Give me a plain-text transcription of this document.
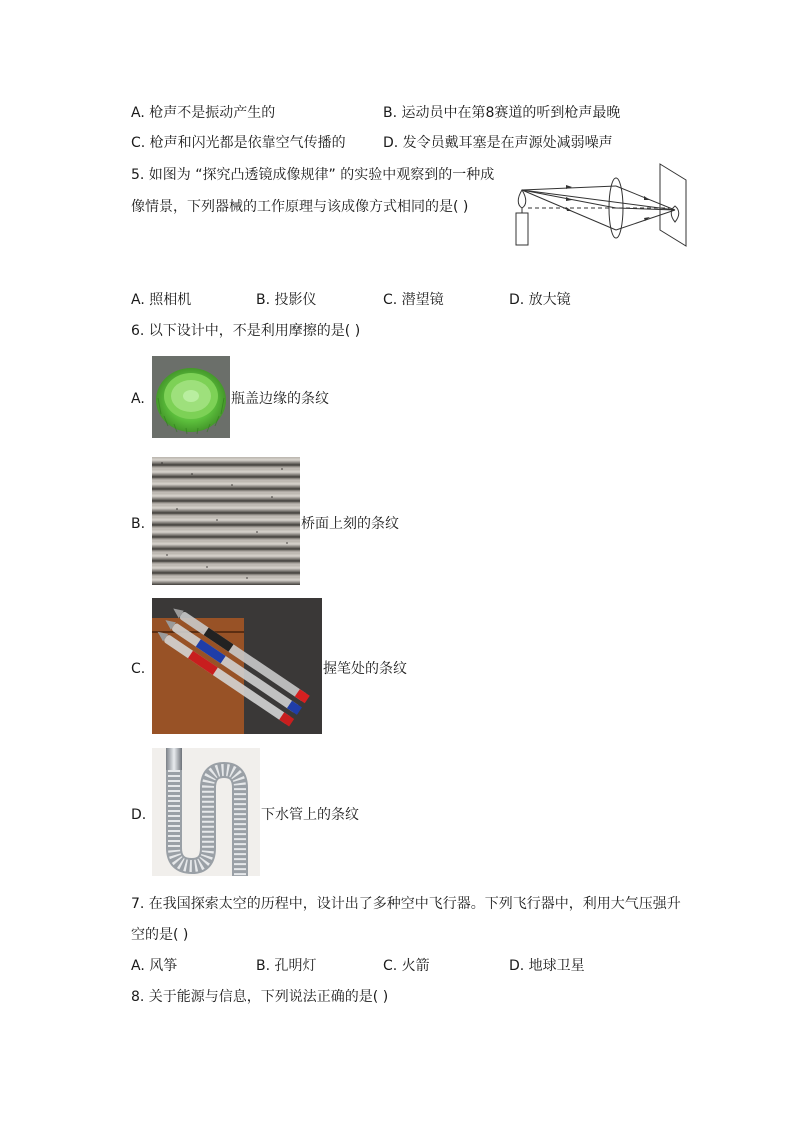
A. 枪声不是振动产生的	B. 运动员中在第8赛道的听到枪声最晚
C. 枪声和闪光都是依靠空气传播的	D. 发令员戴耳塞是在声源处减弱噪声
5. 如图为 “探究凸透镜成像规律” 的实验中观察到的一种成
像情景，下列器械的工作原理与该成像方式相同的是( )
A. 照相机	B. 投影仪	C. 潜望镜	D. 放大镜
6. 以下设计中，不是利用摩擦的是( )
A.	瓶盖边缘的条纹
B.	桥面上刻的条纹
C.	握笔处的条纹
D.	下水管上的条纹
7. 在我国探索太空的历程中，设计出了多种空中飞行器。下列飞行器中，利用大气压强升
空的是( )
A. 风筝	B. 孔明灯	C. 火箭	D. 地球卫星
8. 关于能源与信息，下列说法正确的是( )
